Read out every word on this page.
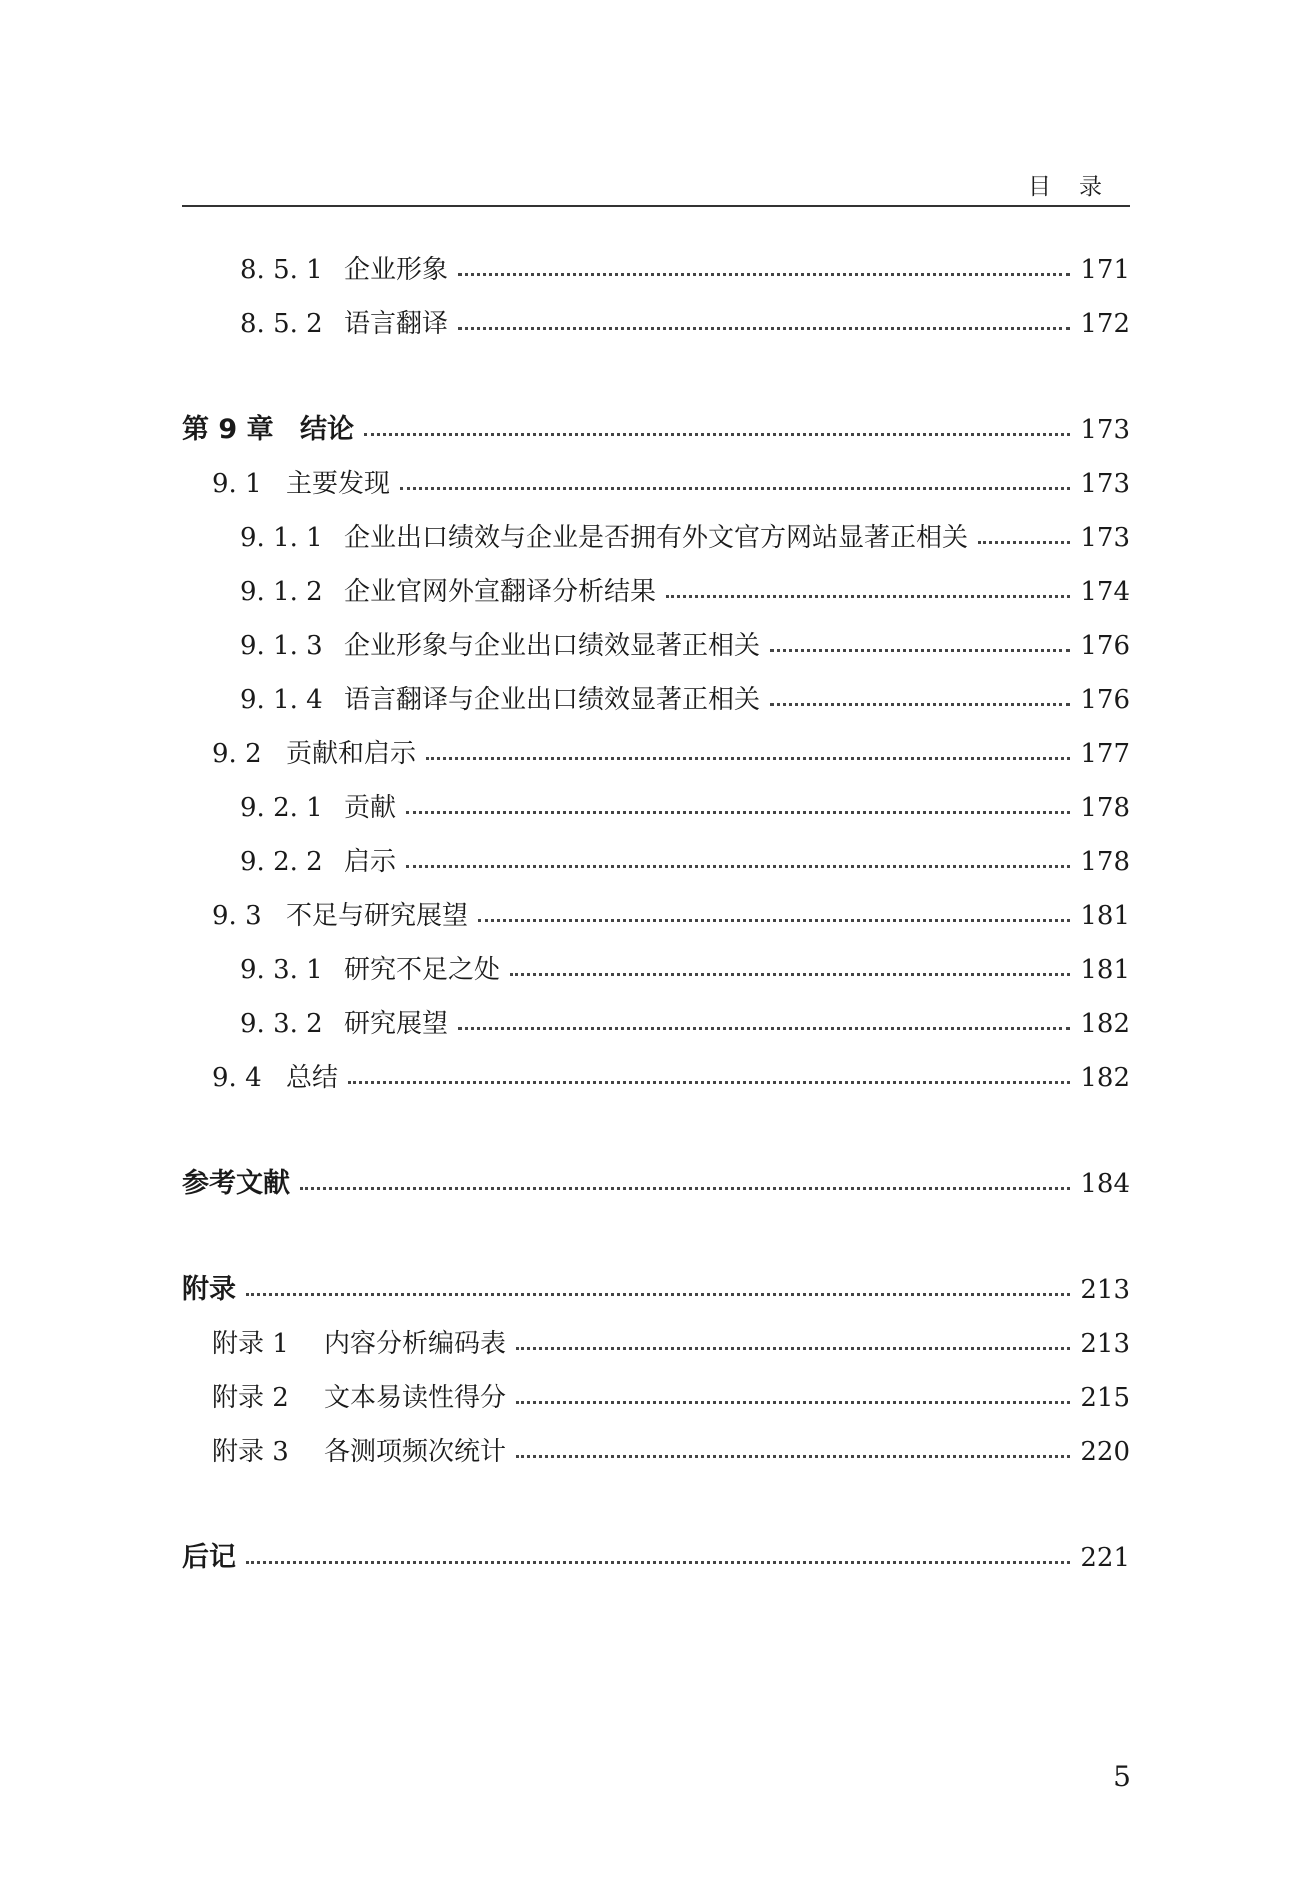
目录
8. 5. 1 企业形象	171
8. 5. 2 语言翻译	172
第 9 章 结论	173
9. 1 主要发现	173
9. 1. 1 企业出口绩效与企业是否拥有外文官方网站显著正相关	173
9. 1. 2 企业官网外宣翻译分析结果	174
9. 1. 3 企业形象与企业出口绩效显著正相关	176
9. 1. 4 语言翻译与企业出口绩效显著正相关	176
9. 2 贡献和启示	177
9. 2. 1 贡献	178
9. 2. 2 启示	178
9. 3 不足与研究展望	181
9. 3. 1 研究不足之处	181
9. 3. 2 研究展望	182
9. 4 总结	182
参考文献	184
附录	213
附录 1	内容分析编码表	213
附录 2	文本易读性得分	215
附录 3	各测项频次统计	220
后记	221
5
